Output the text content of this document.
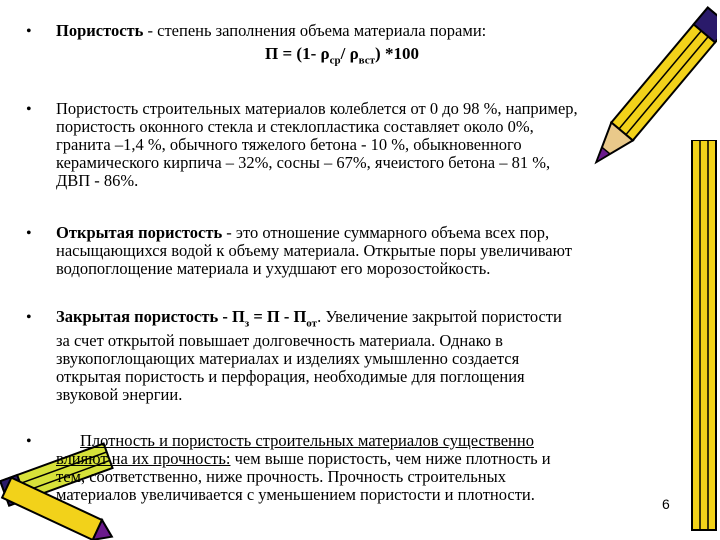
• Пористость - степень заполнения объема материала порами:
П = (1- $\rho_{ср}/$ $\rho_{вст}$) *100
• Пористость строительных материалов колеблется от 0 до 98 %, например,
пористость оконного стекла и стеклопластика составляет около 0%,
гранита –1,4 %, обычного тяжелого бетона - 10 %, обыкновенного
керамического кирпича – 32%, сосны – 67%, ячеистого бетона – 81 %,
ДВП - 86%.
• Открытая пористость - это отношение суммарного объема всех пор,
насыщающихся водой к объему материала. Открытые поры увеличивают
водопоглощение материала и ухудшают его морозостойкость.
• Закрытая пористость - $П_з = П - П_{от}$. Увеличение закрытой пористости
за счет открытой повышает долговечность материала. Однако в
звукопоглощающих материалах и изделиях умышленно создается
открытая пористость и перфорация, необходимые для поглощения
звуковой энергии.
•	Плотность и пористость строительных материалов существенно
влияют на их прочность: чем выше пористость, чем ниже плотность и
тем, соответственно, ниже прочность. Прочность строительных
материалов увеличивается с уменьшением пористости и плотности.	6
